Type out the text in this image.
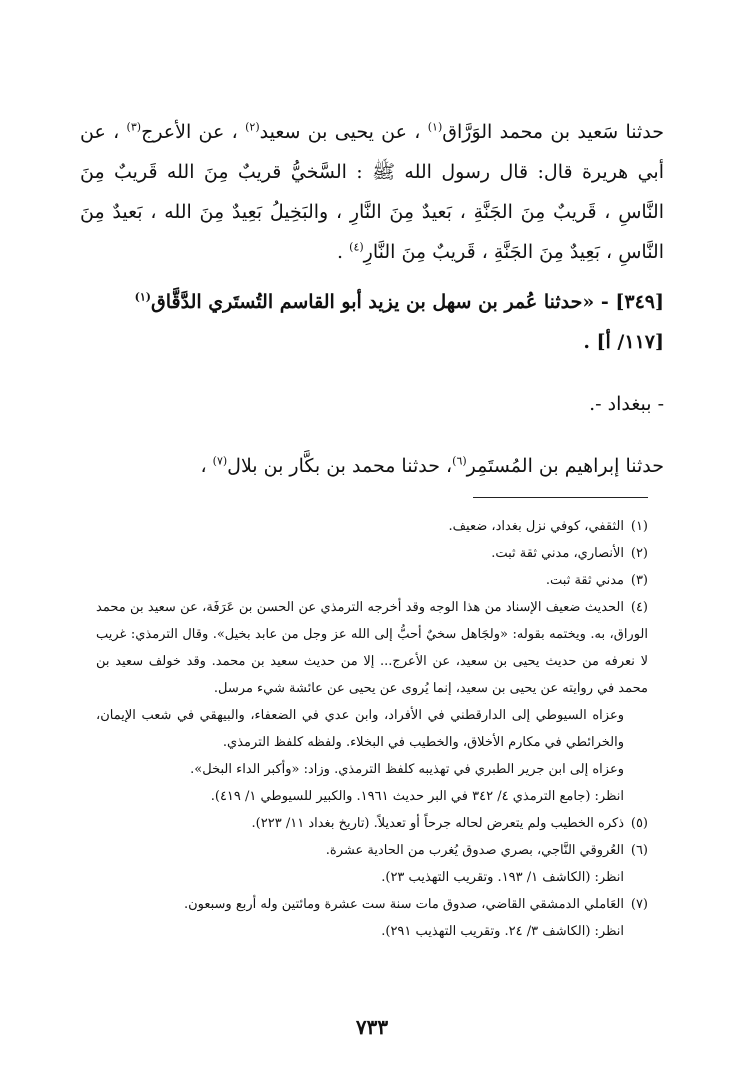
حدثنا سَعيد بن محمد الوَرَّاق$^{(١)}$ ، عن يحيى بن سعيد$^{(٢)}$ ، عن الأعرج$^{(٣)}$ ، عن أبي هريرة قال: قال رسول الله ﷺ : السَّخيُّ قريبٌ مِنَ الله قَريبٌ مِنَ النَّاسِ ، قَريبٌ مِنَ الجَنَّةِ ، بَعيدٌ مِنَ النَّارِ ، والبَخِيلُ بَعِيدٌ مِنَ الله ، بَعيدٌ مِنَ النَّاسِ ، بَعِيدٌ مِنَ الجَنَّةِ ، قَريبٌ مِنَ النَّارِ$^{(٤)}$ .

[٣٤٩] - «حدثنا عُمر بن سهل بن يزيد أبو القاسم التُستَري الدَّقَّاق$^{(١)}$
[١١٧/ أ] .

- ببغداد -.

حدثنا إبراهيم بن المُستَمِر$^{(٦)}$، حدثنا محمد بن بكَّار بن بلال$^{(٧)}$ ،

(١)الثقفي، كوفي نزل بغداد، ضعيف.

(٢)الأنصاري، مدني ثقة ثبت.

(٣)مدني ثقة ثبت.

(٤)الحديث ضعيف الإسناد من هذا الوجه وقد أخرجه الترمذي عن الحسن بن عَرَفَة، عن سعيد بن محمد الوراق، به. ويختمه بقوله: «ولجَاهل سخيٌ أحبُّ إلى الله عز وجل من عابد بخيل». وقال الترمذي: غريب لا نعرفه من حديث يحيى بن سعيد، عن الأعرج... إلا من حديث سعيد بن محمد. وقد خولف سعيد بن محمد في روايته عن يحيى بن سعيد، إنما يُروى عن يحيى عن عائشة شيء مرسل.

وعزاه السيوطي إلى الدارقطني في الأفراد، وابن عدي في الضعفاء، والبيهقي في شعب الإيمان، والخرائطي في مكارم الأخلاق، والخطيب في البخلاء. ولفظه كلفظ الترمذي.

وعزاه إلى ابن جرير الطبري في تهذيبه كلفظ الترمذي. وزاد: «وأكبر الداء البخل».

انظر: (جامع الترمذي ٤/ ٣٤٢ في البر حديث ١٩٦١. والكبير للسيوطي ١/ ٤١٩).

(٥)ذكره الخطيب ولم يتعرض لحاله جرحاً أو تعديلاً. (تاريخ بغداد ١١/ ٢٢٣).

(٦)العُروقي النَّاجي، بصري صدوق يُغرب من الحادية عشرة.

انظر: (الكاشف ١/ ١٩٣. وتقريب التهذيب ٢٣).

(٧)العَاملي الدمشقي القاضي، صدوق مات سنة ست عشرة ومائتين وله أربع وسبعون.

انظر: (الكاشف ٣/ ٢٤. وتقريب التهذيب ٢٩١).

٧٣٣
